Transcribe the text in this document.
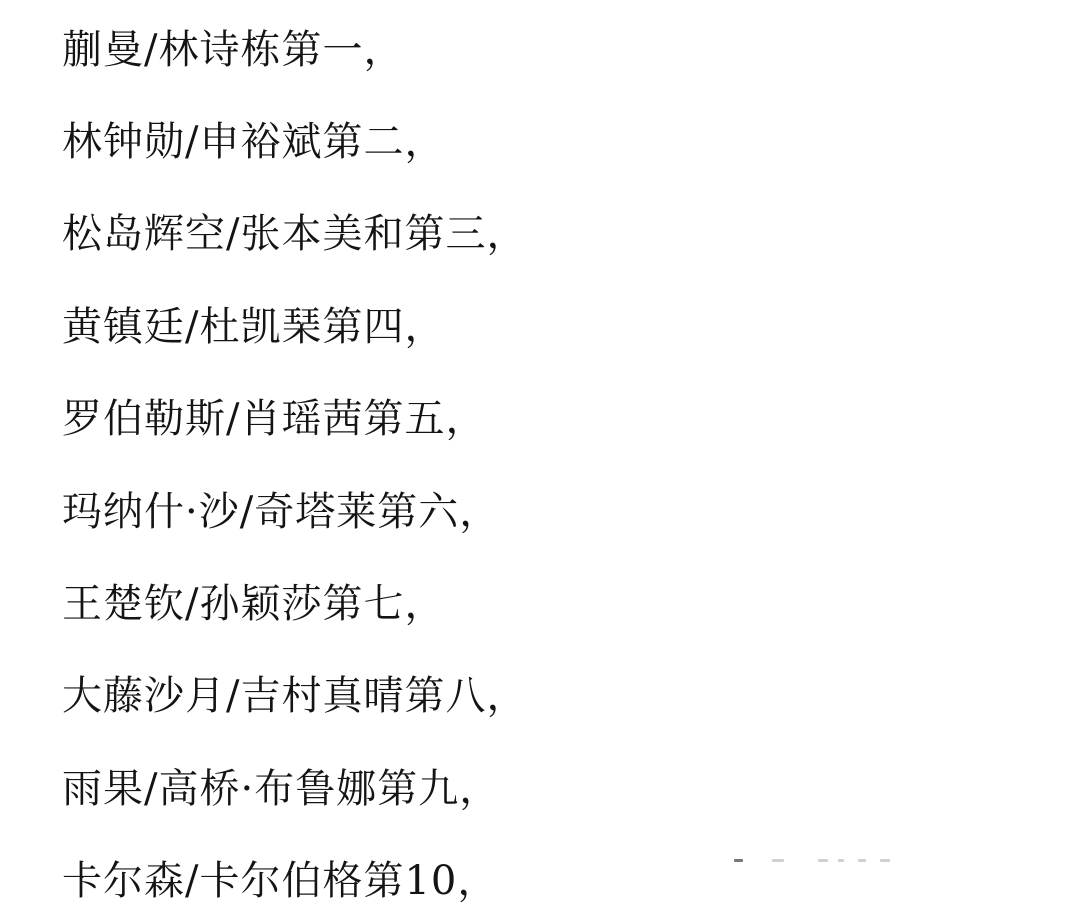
蒯曼/林诗栋第一，

林钟勋/申裕斌第二，

松岛辉空/张本美和第三，

黄镇廷/杜凯琹第四，

罗伯勒斯/肖瑶茜第五，

玛纳什·沙/奇塔莱第六，

王楚钦/孙颖莎第七，

大藤沙月/吉村真晴第八，

雨果/高桥·布鲁娜第九，

卡尔森/卡尔伯格第10，
